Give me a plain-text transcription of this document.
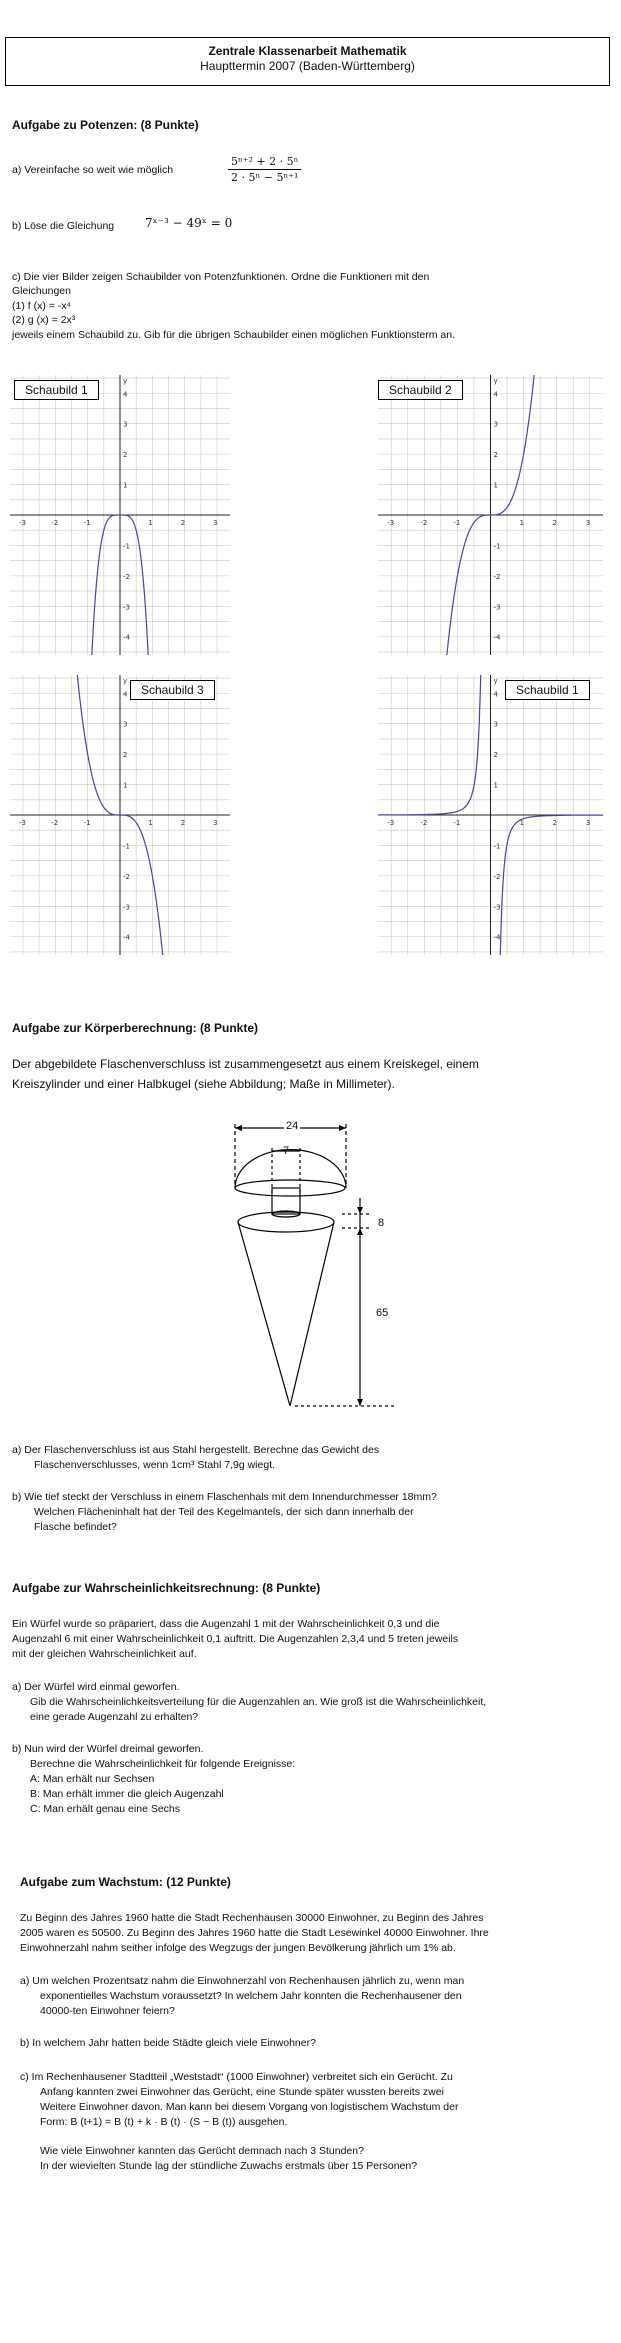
Zentrale Klassenarbeit Mathematik
Haupttermin 2007 (Baden-Württemberg)
Aufgabe zu Potenzen: (8 Punkte)
a) Vereinfache so weit wie möglich	$\frac{\text{5ⁿ⁺² + 2 · 5ⁿ}}{\text{2 · 5ⁿ − 5ⁿ⁺¹}}$
b) Löse die Gleichung	7ˣ⁻³ − 49ˣ = 0
c) Die vier Bilder zeigen Schaubilder von Potenzfunktionen. Ordne die Funktionen mit den
Gleichungen
(1) f (x) = -x⁴
(2) g (x) = 2x³
jeweils einem Schaubild zu. Gib für die übrigen Schaubilder einen möglichen Funktionsterm an.
-3	-2	-1	1	2	3
4
3
2
1
-1
-2
-3
-4
y
-3	-2	-1	1	2	3
4
3
2
1
-1
-2
-3
-4
y
-3	-2	-1	1	2	3
4
3
2
1
-1
-2
-3
-4
y
-3	-2	-1	1	2	3
4
3
2
1
-1
-2
-3
-4
y
Schaubild 1	Schaubild 2
Schaubild 3	Schaubild 1
Aufgabe zur Körperberechnung: (8 Punkte)
Der abgebildete Flaschenverschluss ist zusammengesetzt aus einem Kreiskegel, einem
Kreiszylinder und einer Halbkugel (siehe Abbildung; Maße in Millimeter).
24
7
8
65
a) Der Flaschenverschluss ist aus Stahl hergestellt. Berechne das Gewicht des
Flaschenverschlusses, wenn 1cm³ Stahl 7,9g wiegt.
b) Wie tief steckt der Verschluss in einem Flaschenhals mit dem Innendurchmesser 18mm?
Welchen Flächeninhalt hat der Teil des Kegelmantels, der sich dann innerhalb der
Flasche befindet?
Aufgabe zur Wahrscheinlichkeitsrechnung: (8 Punkte)
Ein Würfel wurde so präpariert, dass die Augenzahl 1 mit der Wahrscheinlichkeit 0,3 und die
Augenzahl 6 mit einer Wahrscheinlichkeit 0,1 auftritt. Die Augenzahlen 2,3,4 und 5 treten jeweils
mit der gleichen Wahrscheinlichkeit auf.
a) Der Würfel wird einmal geworfen.
Gib die Wahrscheinlichkeitsverteilung für die Augenzahlen an. Wie groß ist die Wahrscheinlichkeit,
eine gerade Augenzahl zu erhalten?
b) Nun wird der Würfel dreimal geworfen.
Berechne die Wahrscheinlichkeit für folgende Ereignisse:
A: Man erhält nur Sechsen
B: Man erhält immer die gleich Augenzahl
C: Man erhält genau eine Sechs
Aufgabe zum Wachstum: (12 Punkte)
Zu Beginn des Jahres 1960 hatte die Stadt Rechenhausen 30000 Einwohner, zu Beginn des Jahres
2005 waren es 50500. Zu Beginn des Jahres 1960 hatte die Stadt Lesewinkel 40000 Einwohner. Ihre
Einwohnerzahl nahm seither infolge des Wegzugs der jungen Bevölkerung jährlich um 1% ab.
a) Um welchen Prozentsatz nahm die Einwohnerzahl von Rechenhausen jährlich zu, wenn man
exponentielles Wachstum voraussetzt? In welchem Jahr konnten die Rechenhausener den
40000-ten Einwohner feiern?
b) In welchem Jahr hatten beide Städte gleich viele Einwohner?
c) Im Rechenhausener Stadtteil „Weststadt“ (1000 Einwohner) verbreitet sich ein Gerücht. Zu
Anfang kannten zwei Einwohner das Gerücht, eine Stunde später wussten bereits zwei
Weitere Einwohner davon. Man kann bei diesem Vorgang von logistischem Wachstum der
Form: B (t+1) = B (t) + k · B (t) · (S − B (t)) ausgehen.
Wie viele Einwohner kannten das Gerücht demnach nach 3 Stunden?
In der wievielten Stunde lag der stündliche Zuwachs erstmals über 15 Personen?
